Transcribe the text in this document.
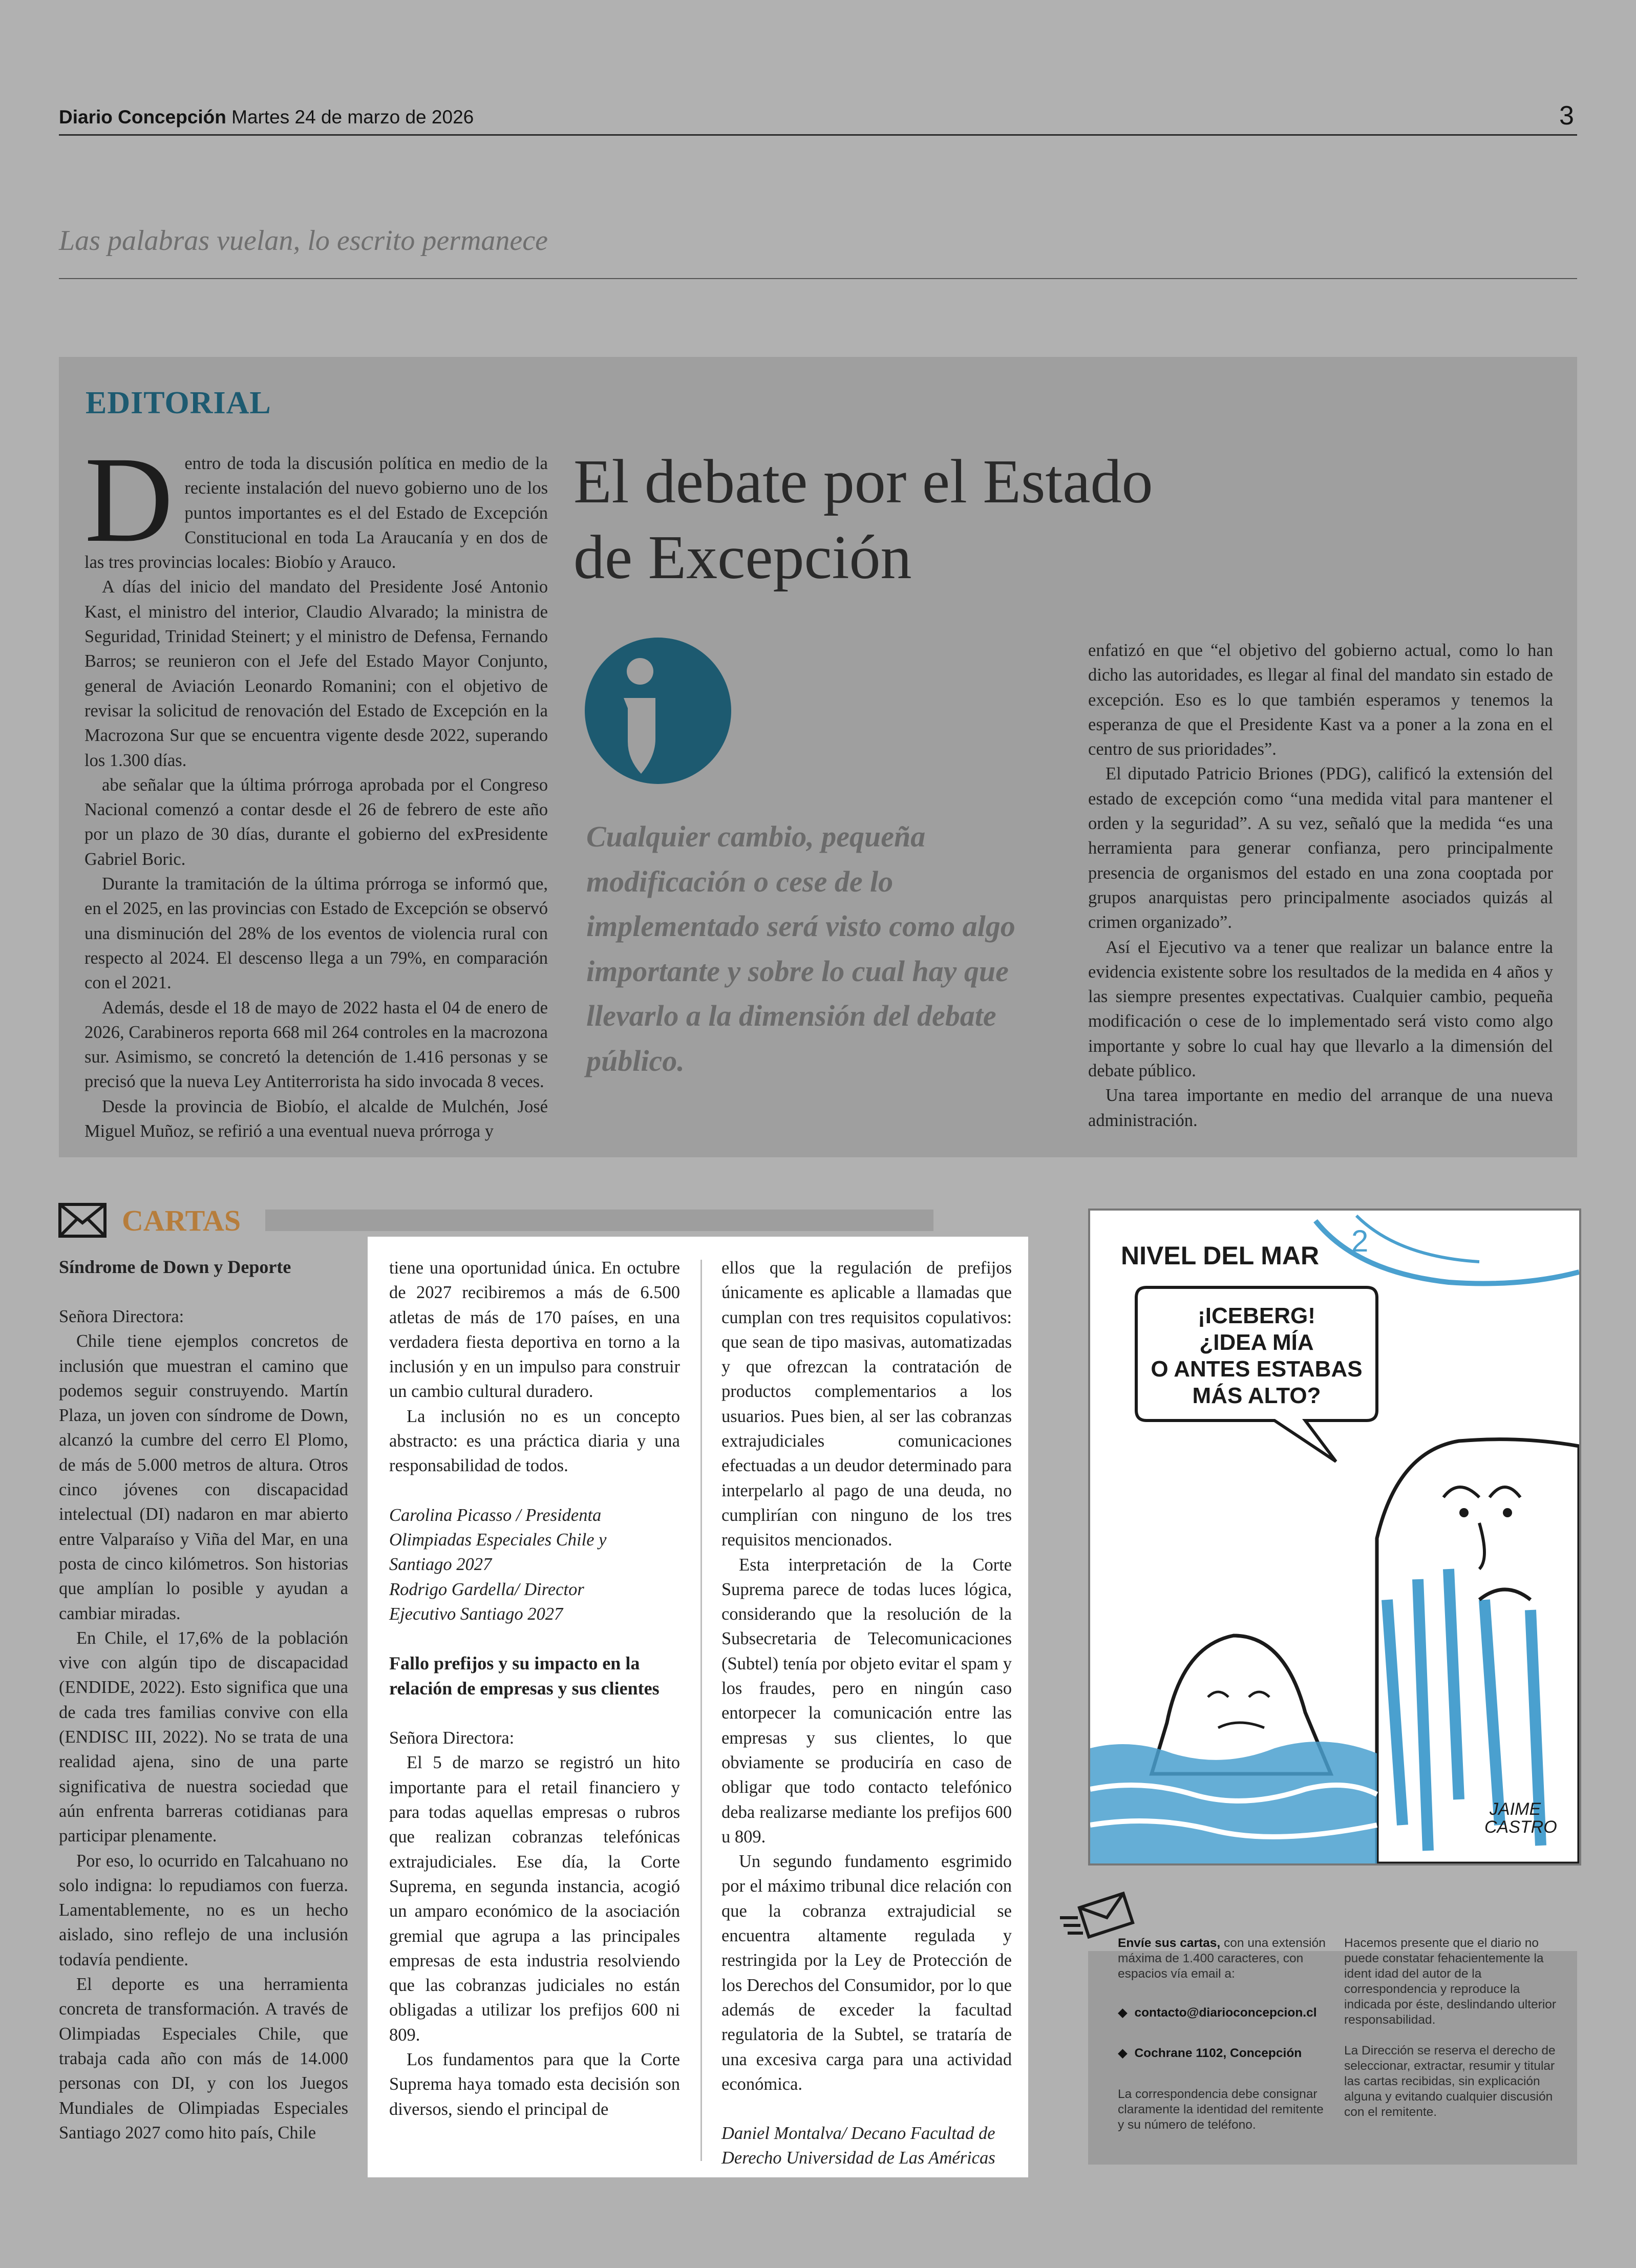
Diario Concepción Martes 24 de marzo de 2026	3
Las palabras vuelan, lo escrito permanece
EDITORIAL
El debate por el Estado
de Excepción
D entro de toda la discusión política en medio de la reciente instalación del nuevo gobierno uno de los puntos importantes es el del Estado de Excepción Constitucional en toda La Araucanía y en dos de las tres provincias locales: Biobío y Arauco.

A días del inicio del mandato del Presidente José Antonio Kast, el ministro del interior, Claudio Alvarado; la ministra de Seguridad, Trinidad Steinert; y el ministro de Defensa, Fernando Barros; se reunieron con el Jefe del Estado Mayor Conjunto, general de Aviación Leonardo Romanini; con el objetivo de revisar la solicitud de renovación del Estado de Excepción en la Macrozona Sur que se encuentra vigente desde 2022, superando los 1.300 días.

abe señalar que la última prórroga aprobada por el Congreso Nacional comenzó a contar desde el 26 de febrero de este año por un plazo de 30 días, durante el gobierno del exPresidente Gabriel Boric.

Durante la tramitación de la última prórroga se informó que, en el 2025, en las provincias con Estado de Excepción se observó una disminución del 28% de los eventos de violencia rural con respecto al 2024. El descenso llega a un 79%, en comparación con el 2021.

Además, desde el 18 de mayo de 2022 hasta el 04 de enero de 2026, Carabineros reporta 668 mil 264 controles en la macrozona sur. Asimismo, se concretó la detención de 1.416 personas y se precisó que la nueva Ley Antiterrorista ha sido invocada 8 veces.

Desde la provincia de Biobío, el alcalde de Mulchén, José Miguel Muñoz, se refirió a una eventual nueva prórroga y

Cualquier cambio, pequeña modificación o cese de lo implementado será visto como algo importante y sobre lo cual hay que llevarlo a la dimensión del debate público.

enfatizó en que “el objetivo del gobierno actual, como lo han dicho las autoridades, es llegar al final del mandato sin estado de excepción. Eso es lo que también esperamos y tenemos la esperanza de que el Presidente Kast va a poner a la zona en el centro de sus prioridades”.

El diputado Patricio Briones (PDG), calificó la extensión del estado de excepción como “una medida vital para mantener el orden y la seguridad”. A su vez, señaló que la medida “es una herramienta para generar confianza, pero principalmente presencia de organismos del estado en una zona cooptada por grupos anarquistas pero principalmente asociados quizás al crimen organizado”.

Así el Ejecutivo va a tener que realizar un balance entre la evidencia existente sobre los resultados de la medida en 4 años y las siempre presentes expectativas. Cualquier cambio, pequeña modificación o cese de lo implementado será visto como algo importante y sobre lo cual hay que llevarlo a la dimensión del debate público.

Una tarea importante en medio del arranque de una nueva administración.

CARTAS

Síndrome de Down y Deporte

Señora Directora:

Chile tiene ejemplos concretos de inclusión que muestran el camino que podemos seguir construyendo. Martín Plaza, un joven con síndrome de Down, alcanzó la cumbre del cerro El Plomo, de más de 5.000 metros de altura. Otros cinco jóvenes con discapacidad intelectual (DI) nadaron en mar abierto entre Valparaíso y Viña del Mar, en una posta de cinco kilómetros. Son historias que amplían lo posible y ayudan a cambiar miradas.

En Chile, el 17,6% de la población vive con algún tipo de discapacidad (ENDIDE, 2022). Esto significa que una de cada tres familias convive con ella (ENDISC III, 2022). No se trata de una realidad ajena, sino de una parte significativa de nuestra sociedad que aún enfrenta barreras cotidianas para participar plenamente.

Por eso, lo ocurrido en Talcahuano no solo indigna: lo repudiamos con fuerza. Lamentablemente, no es un hecho aislado, sino reflejo de una inclusión todavía pendiente.

El deporte es una herramienta concreta de transformación. A través de Olimpiadas Especiales Chile, que trabaja cada año con más de 14.000 personas con DI, y con los Juegos Mundiales de Olimpiadas Especiales Santiago 2027 como hito país, Chile

tiene una oportunidad única. En octubre de 2027 recibiremos a más de 6.500 atletas de más de 170 países, en una verdadera fiesta deportiva en torno a la inclusión y en un impulso para construir un cambio cultural duradero.

La inclusión no es un concepto abstracto: es una práctica diaria y una responsabilidad de todos.

Carolina Picasso / Presidenta

Olimpiadas Especiales Chile y

Santiago 2027

Rodrigo Gardella/ Director

Ejecutivo Santiago 2027

Fallo prefijos y su impacto en la relación de empresas y sus clientes

Señora Directora:

El 5 de marzo se registró un hito importante para el retail financiero y para todas aquellas empresas o rubros que realizan cobranzas telefónicas extrajudiciales. Ese día, la Corte Suprema, en segunda instancia, acogió un amparo económico de la asociación gremial que agrupa a las principales empresas de esta industria resolviendo que las cobranzas judiciales no están obligadas a utilizar los prefijos 600 ni 809.

Los fundamentos para que la Corte Suprema haya tomado esta decisión son diversos, siendo el principal de

ellos que la regulación de prefijos únicamente es aplicable a llamadas que cumplan con tres requisitos copulativos: que sean de tipo masivas, automatizadas y que ofrezcan la contratación de productos complementarios a los usuarios. Pues bien, al ser las cobranzas extrajudiciales comunicaciones efectuadas a un deudor determinado para interpelarlo al pago de una deuda, no cumplirían con ninguno de los tres requisitos mencionados.

Esta interpretación de la Corte Suprema parece de todas luces lógica, considerando que la resolución de la Subsecretaria de Telecomunicaciones (Subtel) tenía por objeto evitar el spam y los fraudes, pero en ningún caso entorpecer la comunicación entre las empresas y sus clientes, lo que obviamente se produciría en caso de obligar que todo contacto telefónico deba realizarse mediante los prefijos 600 u 809.

Un segundo fundamento esgrimido por el máximo tribunal dice relación con que la cobranza extrajudicial se encuentra altamente regulada y restringida por la Ley de Protección de los Derechos del Consumidor, por lo que además de exceder la facultad regulatoria de la Subtel, se trataría de una excesiva carga para una actividad económica.

Daniel Montalva/ Decano Facultad de

Derecho Universidad de Las Américas

2
NIVEL DEL MAR
¡ICEBERG!
¿IDEA MÍA
O ANTES ESTABAS
MÁS ALTO?
JAIME
CASTRO
Envíe sus cartas, con una extensión máxima de 1.400 caracteres, con espacios vía email a:
◆  contacto@diarioconcepcion.cl
◆  Cochrane 1102, Concepción
La correspondencia debe consignar claramente la identidad del remitente y su número de teléfono.
Hacemos presente que el diario no puede constatar fehacientemente la ident idad del autor de la correspondencia y reproduce la indicada por éste, deslindando ulterior responsabilidad.
La Dirección se reserva el derecho de seleccionar, extractar, resumir y titular las cartas recibidas, sin explicación alguna y evitando cualquier discusión con el remitente.
